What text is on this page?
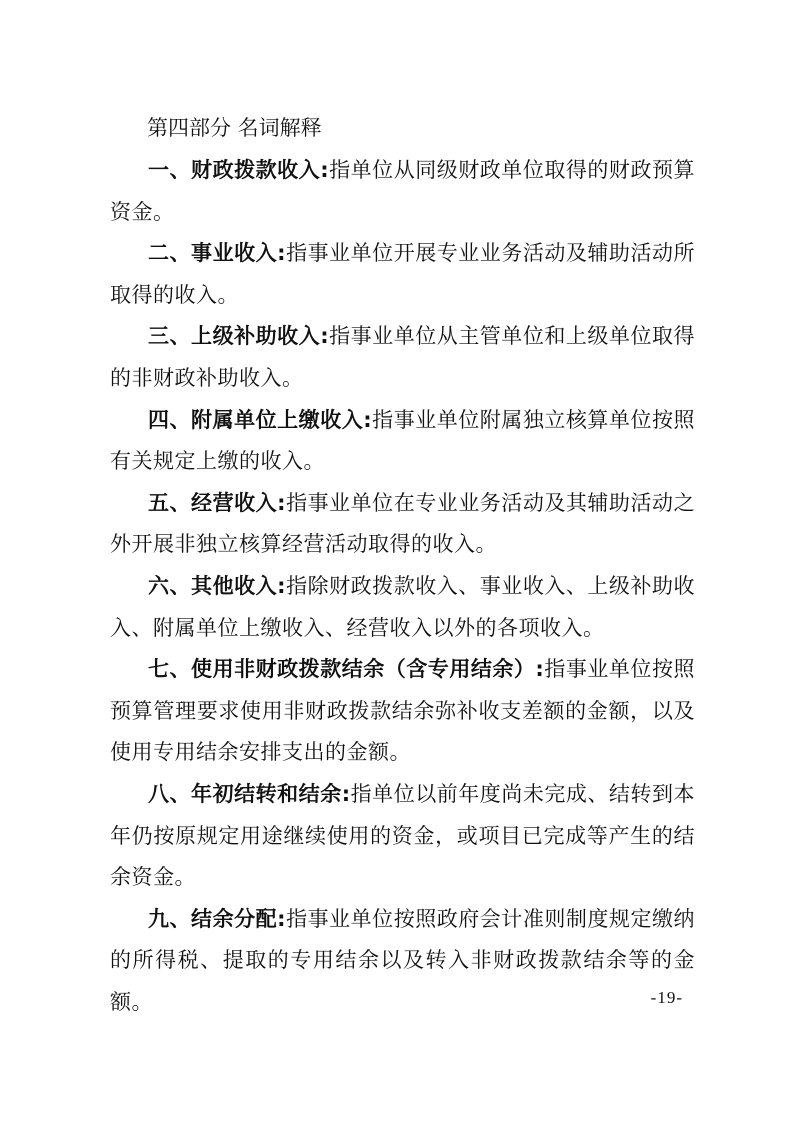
第四部分 名词解释

一、财政拨款收入:指单位从同级财政单位取得的财政预算资金。

二、事业收入:指事业单位开展专业业务活动及辅助活动所取得的收入。

三、上级补助收入:指事业单位从主管单位和上级单位取得的非财政补助收入。

四、附属单位上缴收入:指事业单位附属独立核算单位按照有关规定上缴的收入。

五、经营收入:指事业单位在专业业务活动及其辅助活动之外开展非独立核算经营活动取得的收入。

六、其他收入:指除财政拨款收入、事业收入、上级补助收入、附属单位上缴收入、经营收入以外的各项收入。

七、使用非财政拨款结余（含专用结余）:指事业单位按照预算管理要求使用非财政拨款结余弥补收支差额的金额，以及使用专用结余安排支出的金额。

八、年初结转和结余:指单位以前年度尚未完成、结转到本年仍按原规定用途继续使用的资金，或项目已完成等产生的结余资金。

九、结余分配:指事业单位按照政府会计准则制度规定缴纳的所得税、提取的专用结余以及转入非财政拨款结余等的金额。	-19-
